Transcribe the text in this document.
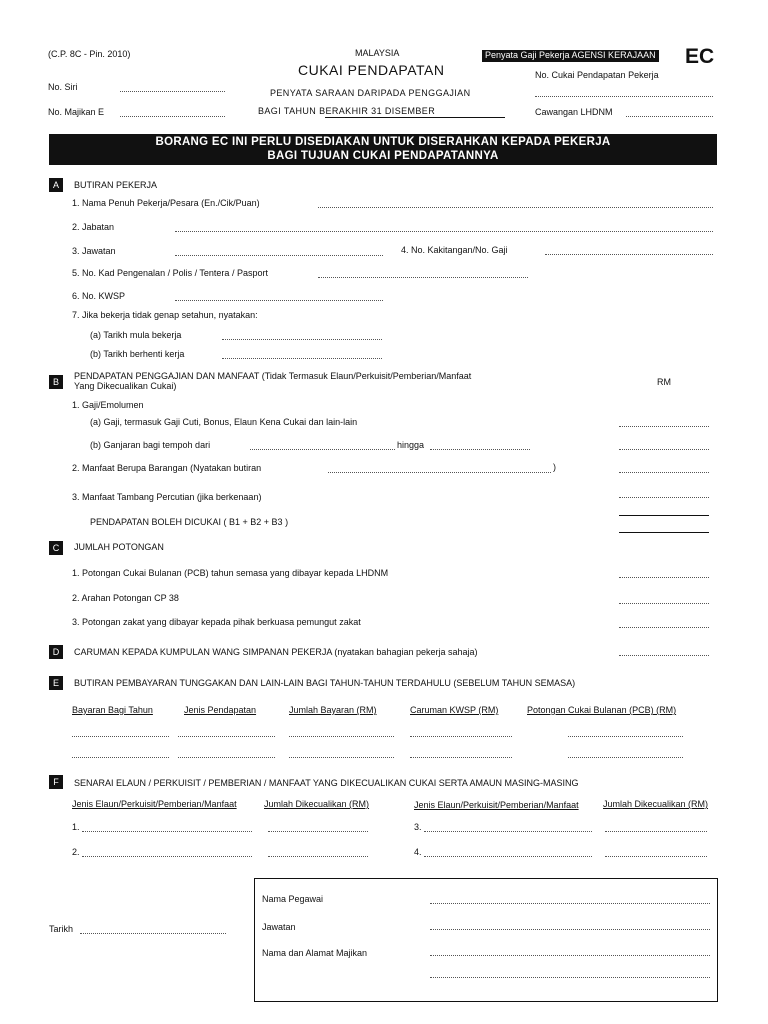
(C.P. 8C - Pin. 2010)	MALAYSIA
CUKAI PENDAPATAN
PENYATA SARAAN DARIPADA PENGGAJIAN
BAGI TAHUN BERAKHIR 31 DISEMBER
Penyata Gaji Pekerja AGENSI KERAJAAN EC
No. Siri
No. Majikan E
No. Cukai Pendapatan Pekerja
Cawangan LHDNM
BORANG EC INI PERLU DISEDIAKAN UNTUK DISERAHKAN KEPADA PEKERJA
BAGI TUJUAN CUKAI PENDAPATANNYA
A	BUTIRAN PEKERJA
1. Nama Penuh Pekerja/Pesara (En./Cik/Puan)
2. Jabatan
3. Jawatan	4. No. Kakitangan/No. Gaji
5. No. Kad Pengenalan / Polis / Tentera / Pasport
6. No. KWSP
7. Jika bekerja tidak genap setahun, nyatakan:
(a) Tarikh mula bekerja
(b) Tarikh berhenti kerja
B
PENDAPATAN PENGGAJIAN DAN MANFAAT (Tidak Termasuk Elaun/Perkuisit/Pemberian/Manfaat
Yang Dikecualikan Cukai)	RM
1. Gaji/Emolumen
(a) Gaji, termasuk Gaji Cuti, Bonus, Elaun Kena Cukai dan lain-lain
(b) Ganjaran bagi tempoh dari	hingga
2. Manfaat Berupa Barangan (Nyatakan butiran	)
3. Manfaat Tambang Percutian (jika berkenaan)
PENDAPATAN BOLEH DICUKAI ( B1 + B2 + B3 )
C	JUMLAH POTONGAN
1. Potongan Cukai Bulanan (PCB) tahun semasa yang dibayar kepada LHDNM
2. Arahan Potongan CP 38
3. Potongan zakat yang dibayar kepada pihak berkuasa pemungut zakat
D	CARUMAN KEPADA KUMPULAN WANG SIMPANAN PEKERJA (nyatakan bahagian pekerja sahaja)
E	BUTIRAN PEMBAYARAN TUNGGAKAN DAN LAIN-LAIN BAGI TAHUN-TAHUN TERDAHULU (SEBELUM TAHUN SEMASA)
Bayaran Bagi Tahun	Jenis Pendapatan	Jumlah Bayaran (RM)	Caruman KWSP (RM)	Potongan Cukai Bulanan (PCB) (RM)
F	SENARAI ELAUN / PERKUISIT / PEMBERIAN / MANFAAT YANG DIKECUALIKAN CUKAI SERTA AMAUN MASING-MASING
Jenis Elaun/Perkuisit/Pemberian/Manfaat	Jumlah Dikecualikan (RM)	Jenis Elaun/Perkuisit/Pemberian/Manfaat	Jumlah Dikecualikan (RM)
1.	3.
2.	4.
Tarikh
Nama Pegawai
Jawatan
Nama dan Alamat Majikan
